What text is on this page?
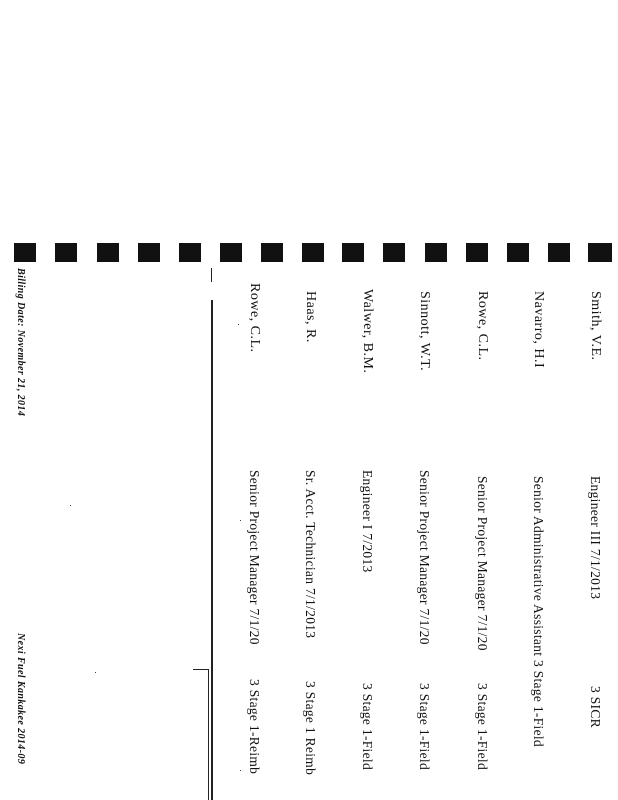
Smith, V.E.
Engineer III 7/1/2013
3 SICR
Navarro, H.I
Senior Administrative Assistant 3 Stage 1-Field
Rowe, C.L.
Senior Project Manager 7/1/20
3 Stage 1-Field
Sinnott, W.T.
Senior Project Manager 7/1/20
3 Stage 1-Field
Walwer, B.M.
Engineer I 7/2013
3 Stage 1-Field
Haas, R.
Sr. Acct. Technician 7/1/2013
3 Stage 1 Reimb
Rowe, C.L.
Senior Project Manager 7/1/20
3 Stage 1-Reimb
Billing Date: November 21, 2014
Nexi Fuel Kankakee 2014-09
